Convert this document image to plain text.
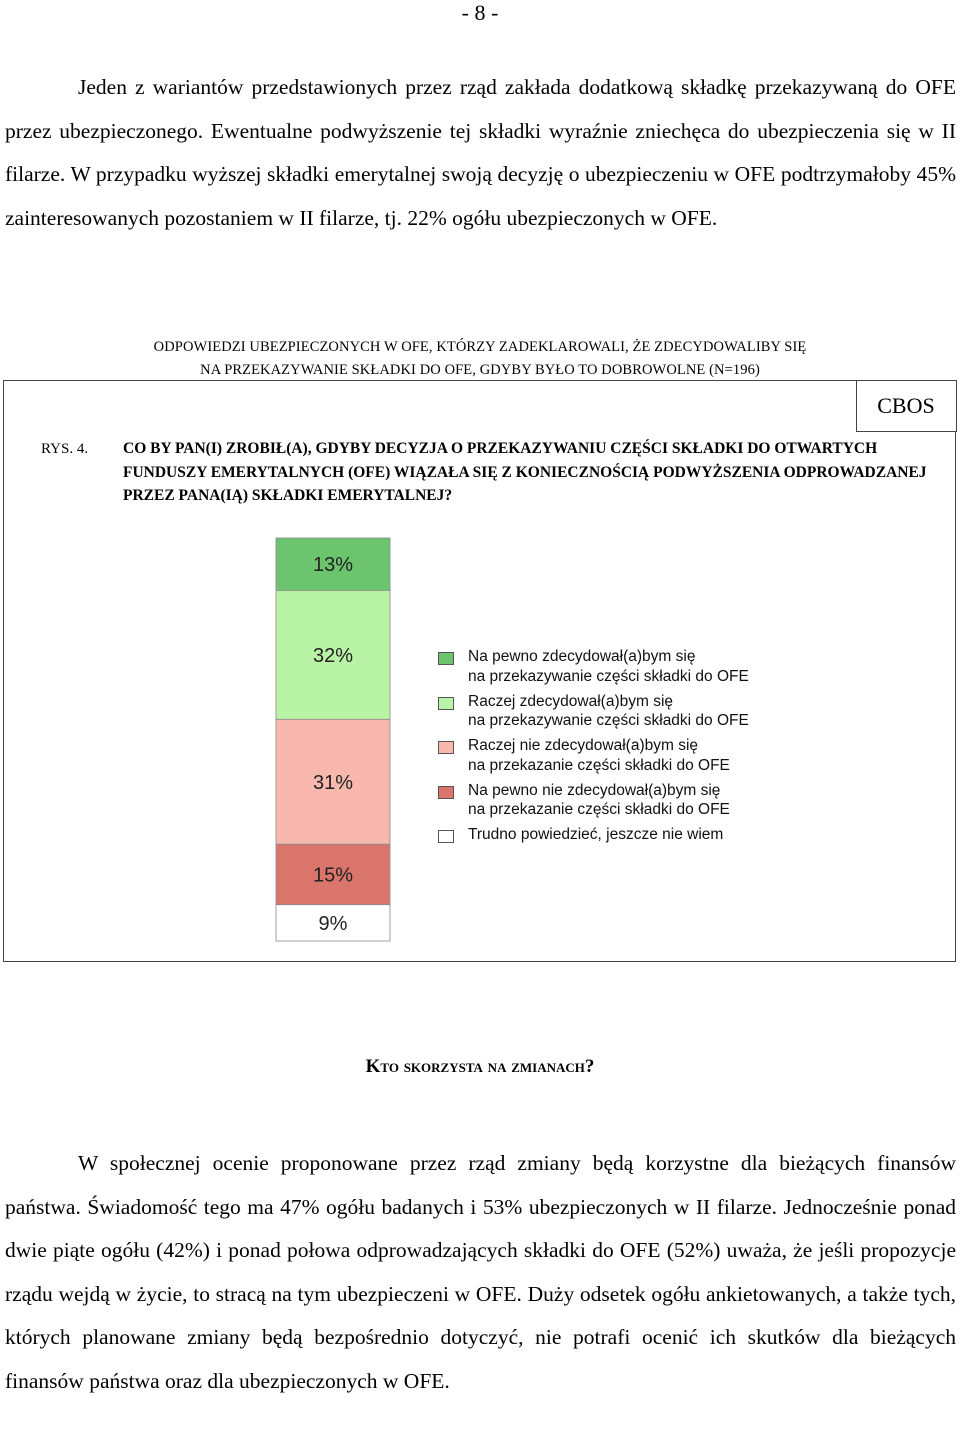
- 8 -

Jeden z wariantów przedstawionych przez rząd zakłada dodatkową składkę przekazywaną do OFE przez ubezpieczonego. Ewentualne podwyższenie tej składki wyraźnie zniechęca do ubezpieczenia się w II filarze. W przypadku wyższej składki emerytalnej swoją decyzję o ubezpieczeniu w OFE podtrzymałoby 45% zainteresowanych pozostaniem w II filarze, tj. 22% ogółu ubezpieczonych w OFE.

ODPOWIEDZI UBEZPIECZONYCH W OFE, KTÓRZY ZADEKLAROWALI, ŻE ZDECYDOWALIBY SIĘ
NA PRZEKAZYWANIE SKŁADKI DO OFE, GDYBY BYŁO TO DOBROWOLNE (N=196)
CBOS
RYS. 4. CO BY PAN(I) ZROBIŁ(A), GDYBY DECYZJA O PRZEKAZYWANIU CZĘŚCI SKŁADKI DO OTWARTYCH FUNDUSZY EMERYTALNYCH (OFE) WIĄZAŁA SIĘ Z KONIECZNOŚCIĄ PODWYŻSZENIA ODPROWADZANEJ PRZEZ PANA(IĄ) SKŁADKI EMERYTALNEJ?
13%
32%
31%
15%
9%
Na pewno zdecydował(a)bym się
na przekazywanie części składki do OFE
Raczej zdecydował(a)bym się
na przekazywanie części składki do OFE
Raczej nie zdecydował(a)bym się
na przekazanie części składki do OFE
Na pewno nie zdecydował(a)bym się
na przekazanie części składki do OFE
Trudno powiedzieć, jeszcze nie wiem
Kto skorzysta na zmianach?

W społecznej ocenie proponowane przez rząd zmiany będą korzystne dla bieżących finansów państwa. Świadomość tego ma 47% ogółu badanych i 53% ubezpieczonych w II filarze. Jednocześnie ponad dwie piąte ogółu (42%) i ponad połowa odprowadzających składki do OFE (52%) uważa, że jeśli propozycje rządu wejdą w życie, to stracą na tym ubezpieczeni w OFE. Duży odsetek ogółu ankietowanych, a także tych, których planowane zmiany będą bezpośrednio dotyczyć, nie potrafi ocenić ich skutków dla bieżących finansów państwa oraz dla ubezpieczonych w OFE.
